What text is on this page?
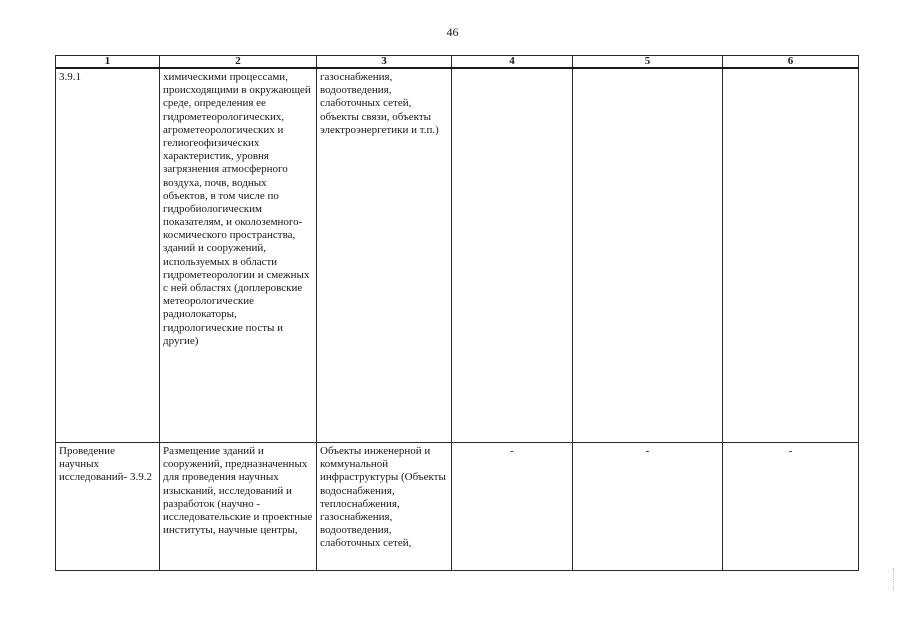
46
1	2	3	4	5	6
3.9.1	химическими процессами, происходящими в окружающей среде, определения ее гидрометеорологических, агрометеорологических и гелиогеофизических характеристик, уровня загрязнения атмосферного воздуха, почв, водных объектов, в том числе по гидробиологическим показателям, и околоземного-космического пространства, зданий и сооружений, используемых в области гидрометеорологии и смежных с ней областях (доплеровские метеорологические радиолокаторы, гидрологические посты и другие)	газоснабжения, водоотведения, слаботочных сетей, объекты связи, объекты электроэнергетики и т.п.)			
Проведение научных исследований- 3.9.2	Размещение зданий и сооружений, предназначенных для проведения научных изысканий, исследований и разработок (научно - исследовательские и проектные институты, научные центры,	Объекты инженерной и коммунальной инфраструктуры (Объекты водоснабжения, теплоснабжения, газоснабжения, водоотведения, слаботочных сетей,	-	-	-
